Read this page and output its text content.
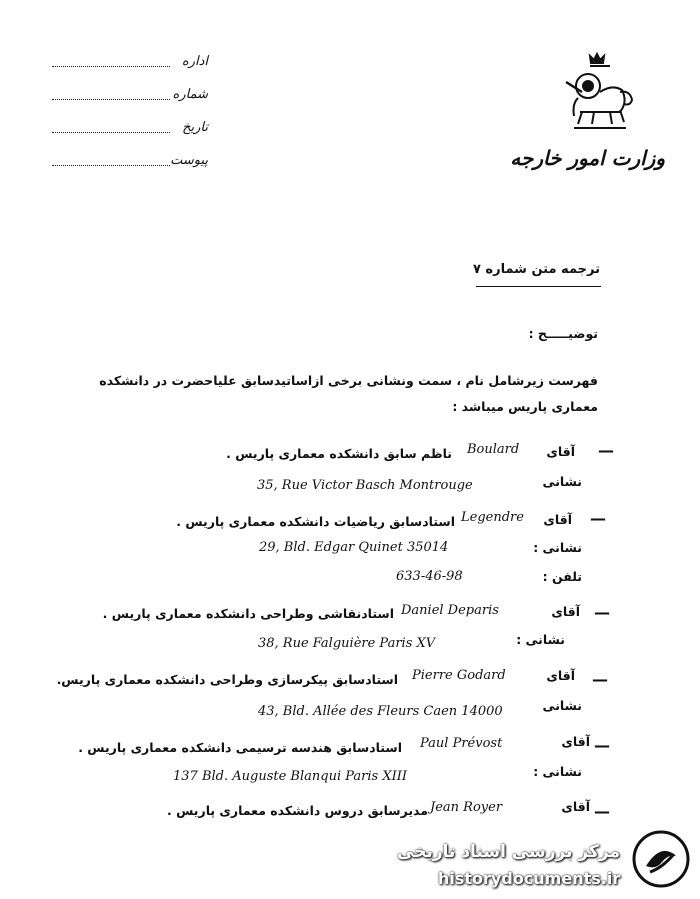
اداره
شماره
تاریخ
پیوست	وزارت امور خارجه
ترجمه متن شماره ۷
توضیـــــح :
فهرست زیرشامل نام ، سمت ونشانی برخی ازاساتیدسابق علیاحضرت در دانشکده
معماری پاریس میباشد :
—
آقای
Boulard
ناظم سابق دانشکده معماری پاریس .
نشانی
35, Rue Victor Basch Montrouge
—
آقای
Legendre
استادسابق ریاضیات دانشکده معماری پاریس .
نشانی :
29, Bld. Edgar Quinet 35014
تلفن :
633-46-98
—
آقای
Daniel Deparis
استادنقاشی وطراحی دانشکده معماری پاریس .
نشانی :
38, Rue Falguière Paris XV
—
آقای
Pierre Godard
استادسابق پیکرسازی وطراحی دانشکده معماری پاریس.
نشانی
43, Bld. Allée des Fleurs Caen 14000
—
آقای
Paul Prévost
استادسابق هندسه ترسیمی دانشکده معماری پاریس .
نشانی :
137 Bld. Auguste Blanqui Paris XIII
—
آقای
Jean Royer
مدیرسابق دروس دانشکده معماری پاریس .
مرکز بررسی اسناد تاریخی
historydocuments.ir
